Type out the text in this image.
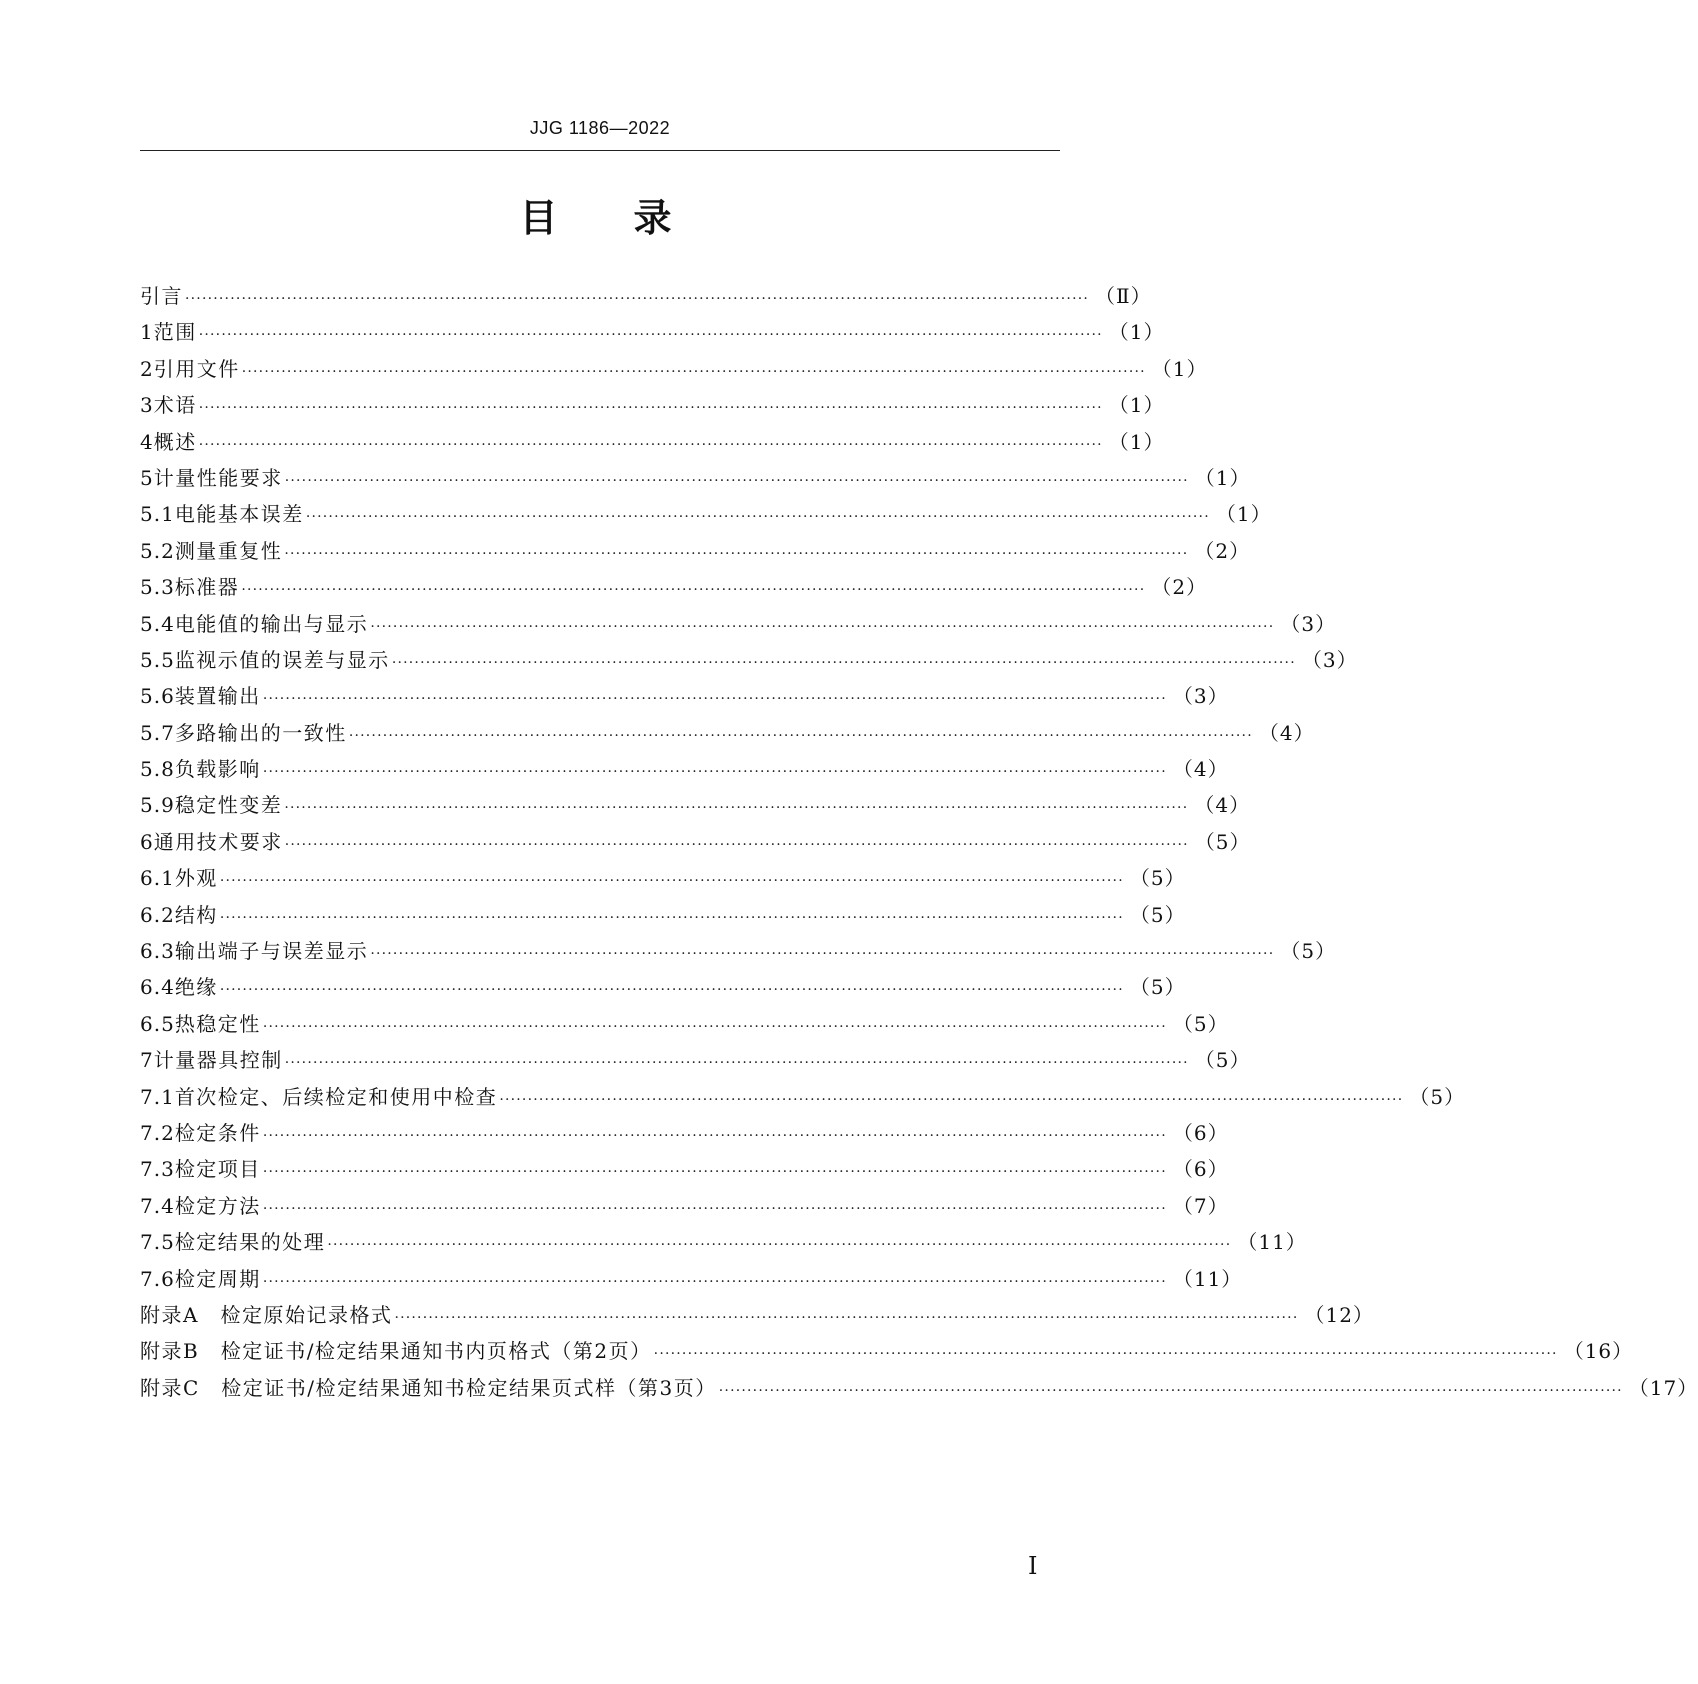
JJG 1186—2022
目　　录
引言 ································································································································································ （Ⅱ）
1 范围 ································································································································································ （1）
2 引用文件 ································································································································································ （1）
3 术语 ································································································································································ （1）
4 概述 ································································································································································ （1）
5 计量性能要求 ································································································································································ （1）
5.1 电能基本误差 ································································································································································ （1）
5.2 测量重复性 ································································································································································ （2）
5.3 标准器 ································································································································································ （2）
5.4 电能值的输出与显示 ································································································································································ （3）
5.5 监视示值的误差与显示 ································································································································································ （3）
5.6 装置输出 ································································································································································ （3）
5.7 多路输出的一致性 ································································································································································ （4）
5.8 负载影响 ································································································································································ （4）
5.9 稳定性变差 ································································································································································ （4）
6 通用技术要求 ································································································································································ （5）
6.1 外观 ································································································································································ （5）
6.2 结构 ································································································································································ （5）
6.3 输出端子与误差显示 ································································································································································ （5）
6.4 绝缘 ································································································································································ （5）
6.5 热稳定性 ································································································································································ （5）
7 计量器具控制 ································································································································································ （5）
7.1 首次检定、后续检定和使用中检查 ································································································································································ （5）
7.2 检定条件 ································································································································································ （6）
7.3 检定项目 ································································································································································ （6）
7.4 检定方法 ································································································································································ （7）
7.5 检定结果的处理 ································································································································································ （11）
7.6 检定周期 ································································································································································ （11）
附录A　检定原始记录格式 ································································································································································ （12）
附录B　检定证书/检定结果通知书内页格式（第2页） ································································································································································ （16）
附录C　检定证书/检定结果通知书检定结果页式样（第3页） ································································································································································ （17）
Ⅰ
